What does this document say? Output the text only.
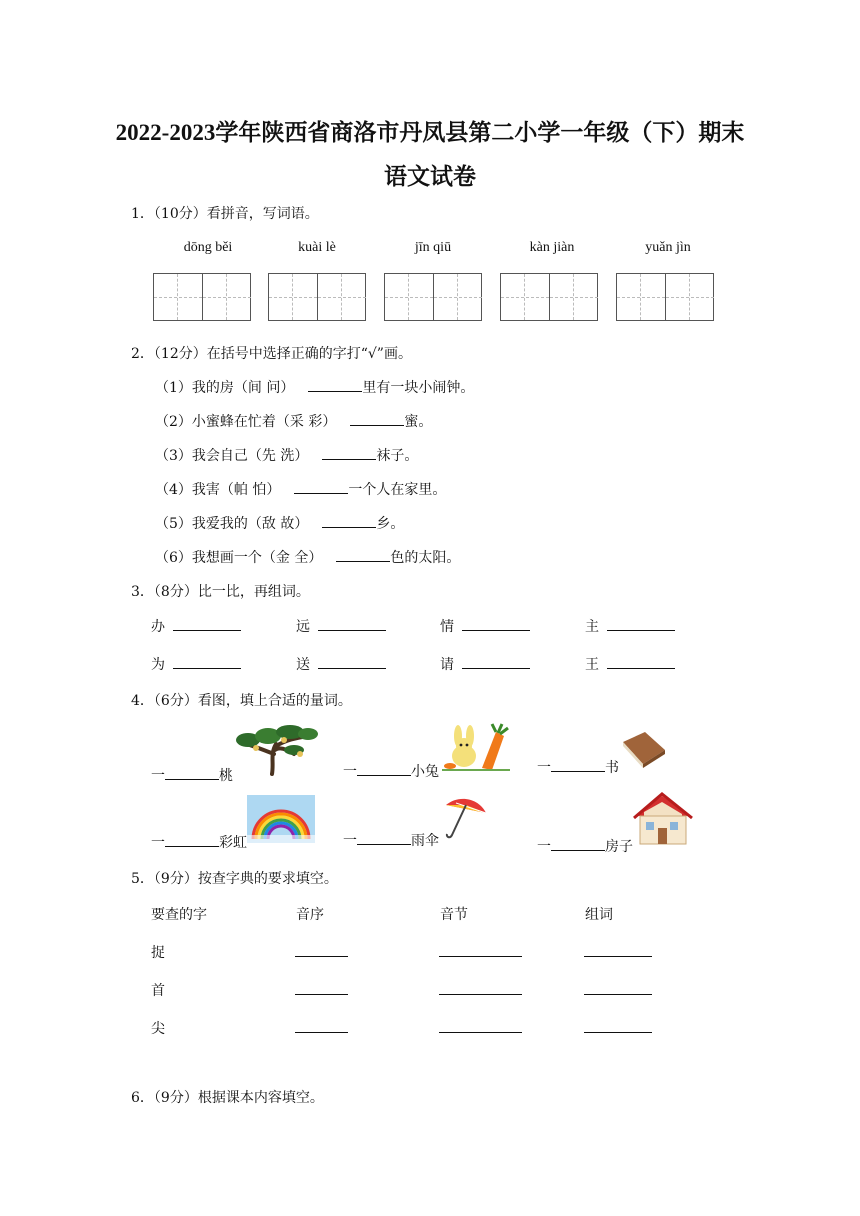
2022-2023学年陕西省商洛市丹凤县第二小学一年级（下）期末
语文试卷
1．（10分）看拼音，写词语。
dōng běi	kuài lè	jīn qiū	kàn jiàn	yuǎn jìn
2．（12分）在括号中选择正确的字打“√”画。
（1）我的房（间 问）	里有一块小闹钟。
（2）小蜜蜂在忙着（采 彩）	蜜。
（3）我会自己（先 洗）	袜子。
（4）我害（帕 怕）	一个人在家里。
（5）我爱我的（敌 故）	乡。
（6）我想画一个（金 全）	色的太阳。
3．（8分）比一比，再组词。
办	远	情	主
为	送	请	王
4．（6分）看图，填上合适的量词。
一	桃	一	小兔	一	书
一	彩虹	一	雨伞	一	房子
5．（9分）按查字典的要求填空。
要查的字	音序	音节	组词
捉
首
尖
6．（9分）根据课本内容填空。
